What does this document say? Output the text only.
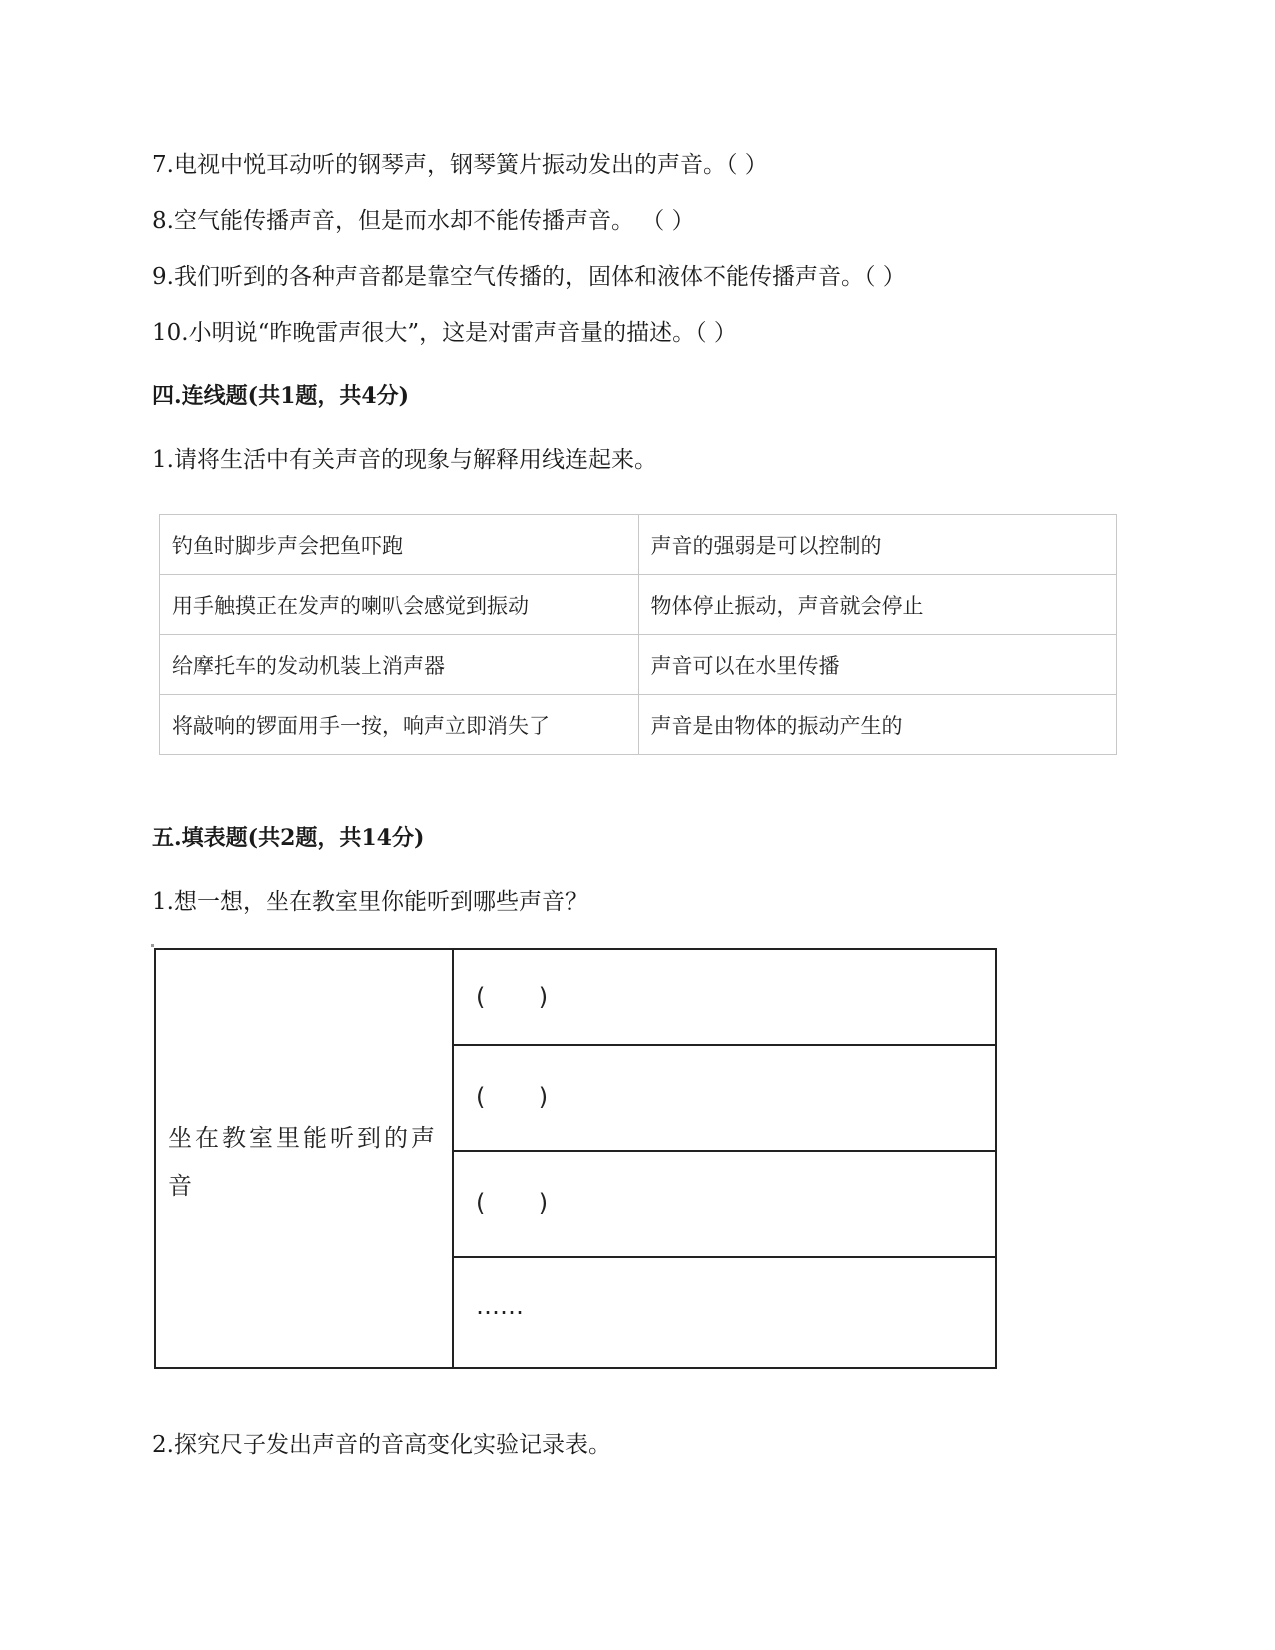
7.电视中悦耳动听的钢琴声，钢琴簧片振动发出的声音。（ ）
8.空气能传播声音，但是而水却不能传播声音。 （ ）
9.我们听到的各种声音都是靠空气传播的，固体和液体不能传播声音。（ ）
10.小明说“昨晚雷声很大”，这是对雷声音量的描述。（ ）
四.连线题(共1题，共4分)
1.请将生活中有关声音的现象与解释用线连起来。
钓鱼时脚步声会把鱼吓跑	声音的强弱是可以控制的
用手触摸正在发声的喇叭会感觉到振动	物体停止振动，声音就会停止
给摩托车的发动机装上消声器	声音可以在水里传播
将敲响的锣面用手一按，响声立即消失了	声音是由物体的振动产生的
五.填表题(共2题，共14分)
1.想一想，坐在教室里你能听到哪些声音？
坐在教室里能听到的声音
(       )
(       )
(       )
……
2.探究尺子发出声音的音高变化实验记录表。
